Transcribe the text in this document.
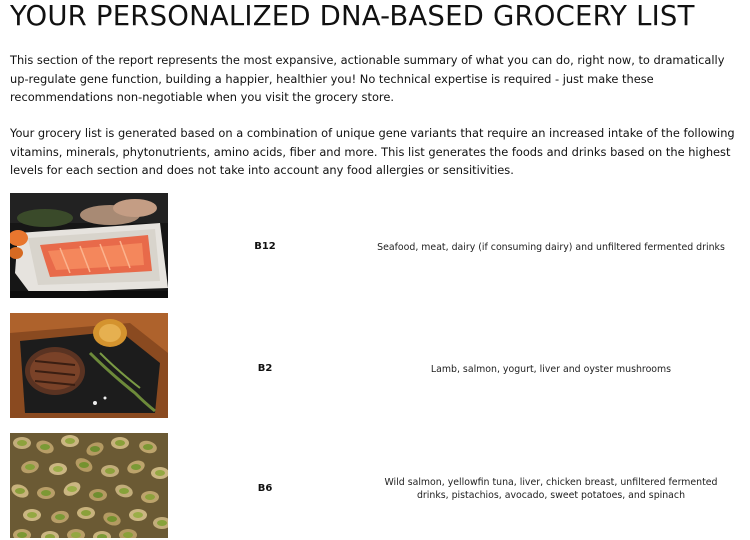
YOUR PERSONALIZED DNA-BASED GROCERY LIST

This section of the report represents the most expansive, actionable summary of what you can do, right now, to dramatically up-regulate gene function, building a happier, healthier you! No technical expertise is required - just make these recommendations non-negotiable when you visit the grocery store.

Your grocery list is generated based on a combination of unique gene variants that require an increased intake of the following vitamins, minerals, phytonutrients, amino acids, fiber and more. This list generates the foods and drinks based on the highest levels for each section and does not take into account any food allergies or sensitivities.

B12	Seafood, meat, dairy (if consuming dairy) and unfiltered fermented drinks
B2	Lamb, salmon, yogurt, liver and oyster mushrooms
B6
Wild salmon, yellowfin tuna, liver, chicken breast, unfiltered fermented drinks, pistachios, avocado, sweet potatoes, and spinach
